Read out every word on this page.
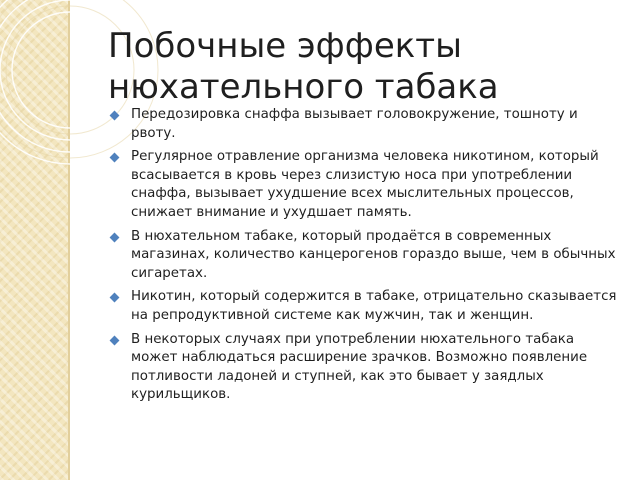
Побочные эффекты нюхательного табака
Передозировка снаффа вызывает головокружение, тошноту и рвоту.
Регулярное отравление организма человека никотином, который всасывается в кровь через слизистую носа при употреблении снаффа, вызывает ухудшение всех мыслительных процессов, снижает внимание и ухудшает память.
В нюхательном табаке, который продаётся в современных магазинах, количество канцерогенов гораздо выше, чем в обычных сигаретах.
Никотин, который содержится в табаке, отрицательно сказывается на репродуктивной системе как мужчин, так и женщин.
В некоторых случаях при употреблении нюхательного табака может наблюдаться расширение зрачков. Возможно появление потливости ладоней и ступней, как это бывает у заядлых курильщиков.
